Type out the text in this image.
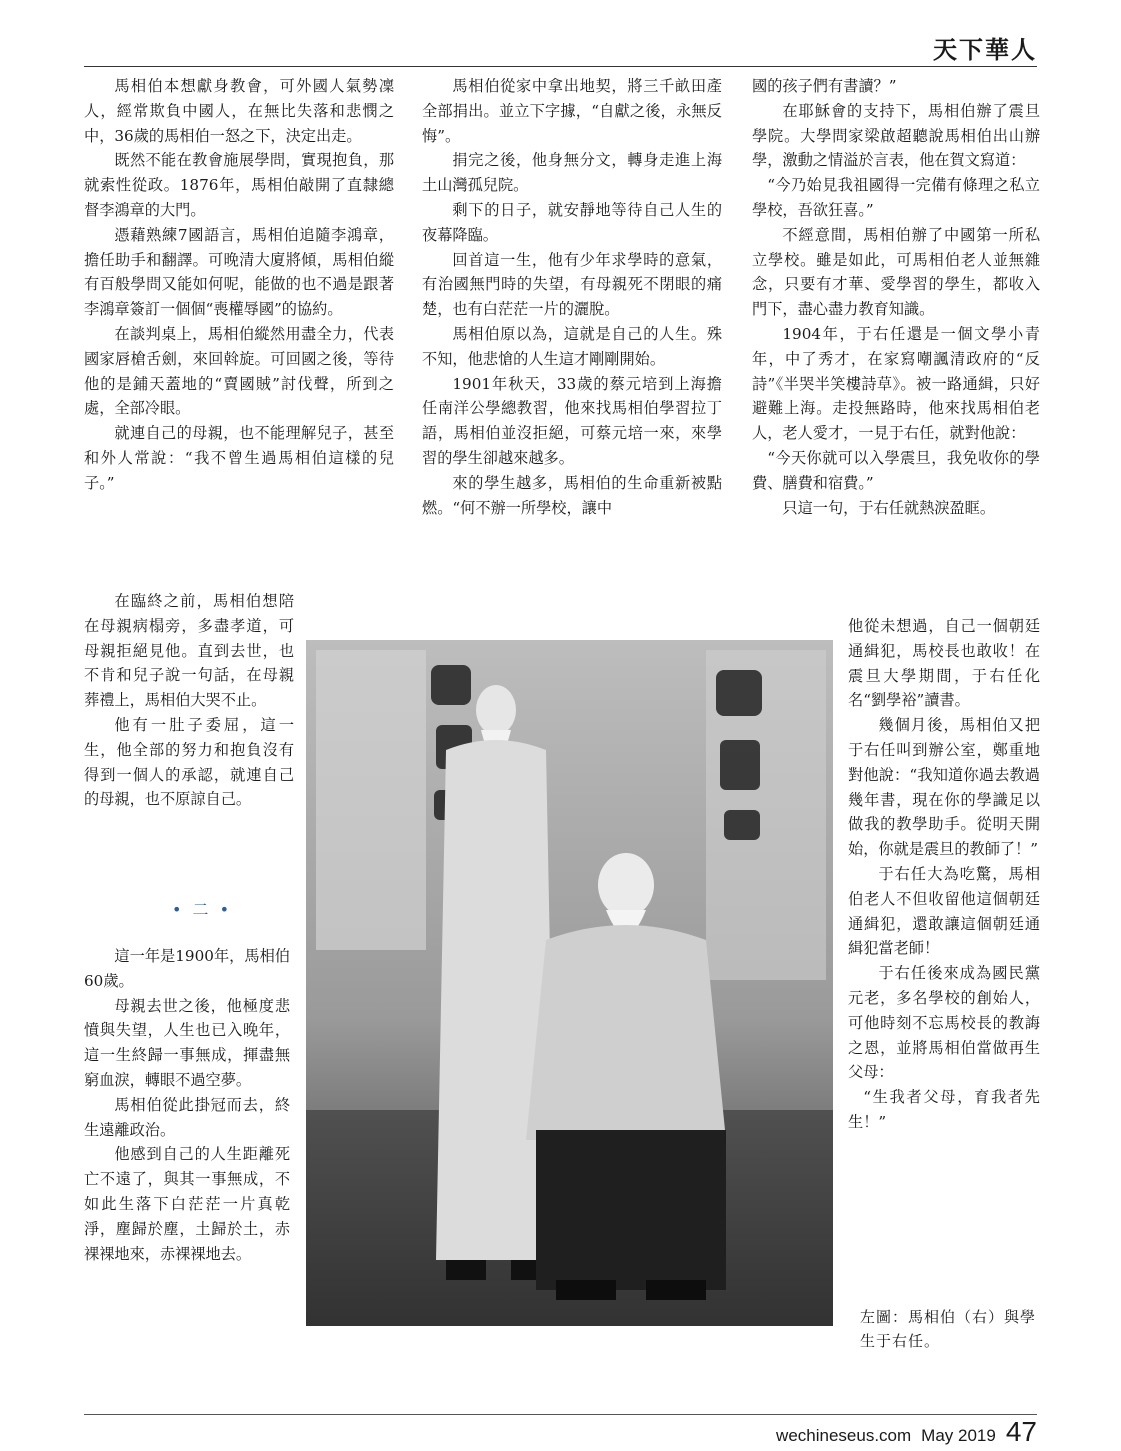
天下華人

馬相伯本想獻身教會，可外國人氣勢凜人，經常欺負中國人，在無比失落和悲憫之中，36歲的馬相伯一怒之下，決定出走。

既然不能在教會施展學問，實現抱負，那就索性從政。1876年，馬相伯敲開了直隸總督李鴻章的大門。

憑藉熟練7國語言，馬相伯追隨李鴻章，擔任助手和翻譯。可晚清大廈將傾，馬相伯縱有百般學問又能如何呢，能做的也不過是跟著李鴻章簽訂一個個“喪權辱國”的協約。

在談判桌上，馬相伯縱然用盡全力，代表國家唇槍舌劍，來回斡旋。可回國之後，等待他的是鋪天蓋地的“賣國賊”討伐聲，所到之處，全部冷眼。

就連自己的母親，也不能理解兒子，甚至和外人常說：“我不曾生過馬相伯這樣的兒子。”

在臨終之前，馬相伯想陪在母親病榻旁，多盡孝道，可母親拒絕見他。直到去世，也不肯和兒子說一句話，在母親葬禮上，馬相伯大哭不止。

他有一肚子委屈，這一生，他全部的努力和抱負沒有得到一個人的承認，就連自己的母親，也不原諒自己。

• 二 •

這一年是1900年，馬相伯60歲。

母親去世之後，他極度悲憤與失望，人生也已入晚年，這一生終歸一事無成，揮盡無窮血淚，轉眼不過空夢。

馬相伯從此掛冠而去，終生遠離政治。

他感到自己的人生距離死亡不遠了，與其一事無成，不如此生落下白茫茫一片真乾淨，塵歸於塵，土歸於土，赤裸裸地來，赤裸裸地去。

馬相伯從家中拿出地契，將三千畝田產全部捐出。並立下字據，“自獻之後，永無反悔”。

捐完之後，他身無分文，轉身走進上海土山灣孤兒院。

剩下的日子，就安靜地等待自己人生的夜幕降臨。

回首這一生，他有少年求學時的意氣，有治國無門時的失望，有母親死不閉眼的痛楚，也有白茫茫一片的灑脫。

馬相伯原以為，這就是自己的人生。殊不知，他悲愴的人生這才剛剛開始。

1901年秋天，33歲的蔡元培到上海擔任南洋公學總教習，他來找馬相伯學習拉丁語，馬相伯並沒拒絕，可蔡元培一來，來學習的學生卻越來越多。

來的學生越多，馬相伯的生命重新被點燃。“何不辦一所學校，讓中

國的孩子們有書讀？”

在耶穌會的支持下，馬相伯辦了震旦學院。大學問家梁啟超聽說馬相伯出山辦學，激動之情溢於言表，他在賀文寫道：

“今乃始見我祖國得一完備有條理之私立學校，吾欲狂喜。”

不經意間，馬相伯辦了中國第一所私立學校。雖是如此，可馬相伯老人並無雜念，只要有才華、愛學習的學生，都收入門下，盡心盡力教育知識。

1904年，于右任還是一個文學小青年，中了秀才，在家寫嘲諷清政府的“反詩”《半哭半笑樓詩草》。被一路通緝，只好避難上海。走投無路時，他來找馬相伯老人，老人愛才，一見于右任，就對他說：

“今天你就可以入學震旦，我免收你的學費、膳費和宿費。”

只這一句，于右任就熱淚盈眶。

他從未想過，自己一個朝廷通緝犯，馬校長也敢收！在震旦大學期間，于右任化名“劉學裕”讀書。

幾個月後，馬相伯又把于右任叫到辦公室，鄭重地對他說：“我知道你過去教過幾年書，現在你的學識足以做我的教學助手。從明天開始，你就是震旦的教師了！”

于右任大為吃驚，馬相伯老人不但收留他這個朝廷通緝犯，還敢讓這個朝廷通緝犯當老師！

于右任後來成為國民黨元老，多名學校的創始人，可他時刻不忘馬校長的教誨之恩，並將馬相伯當做再生父母：

“生我者父母，育我者先生！”

左圖：馬相伯（右）與學生于右任。
wechineseus.com May 2019 47
